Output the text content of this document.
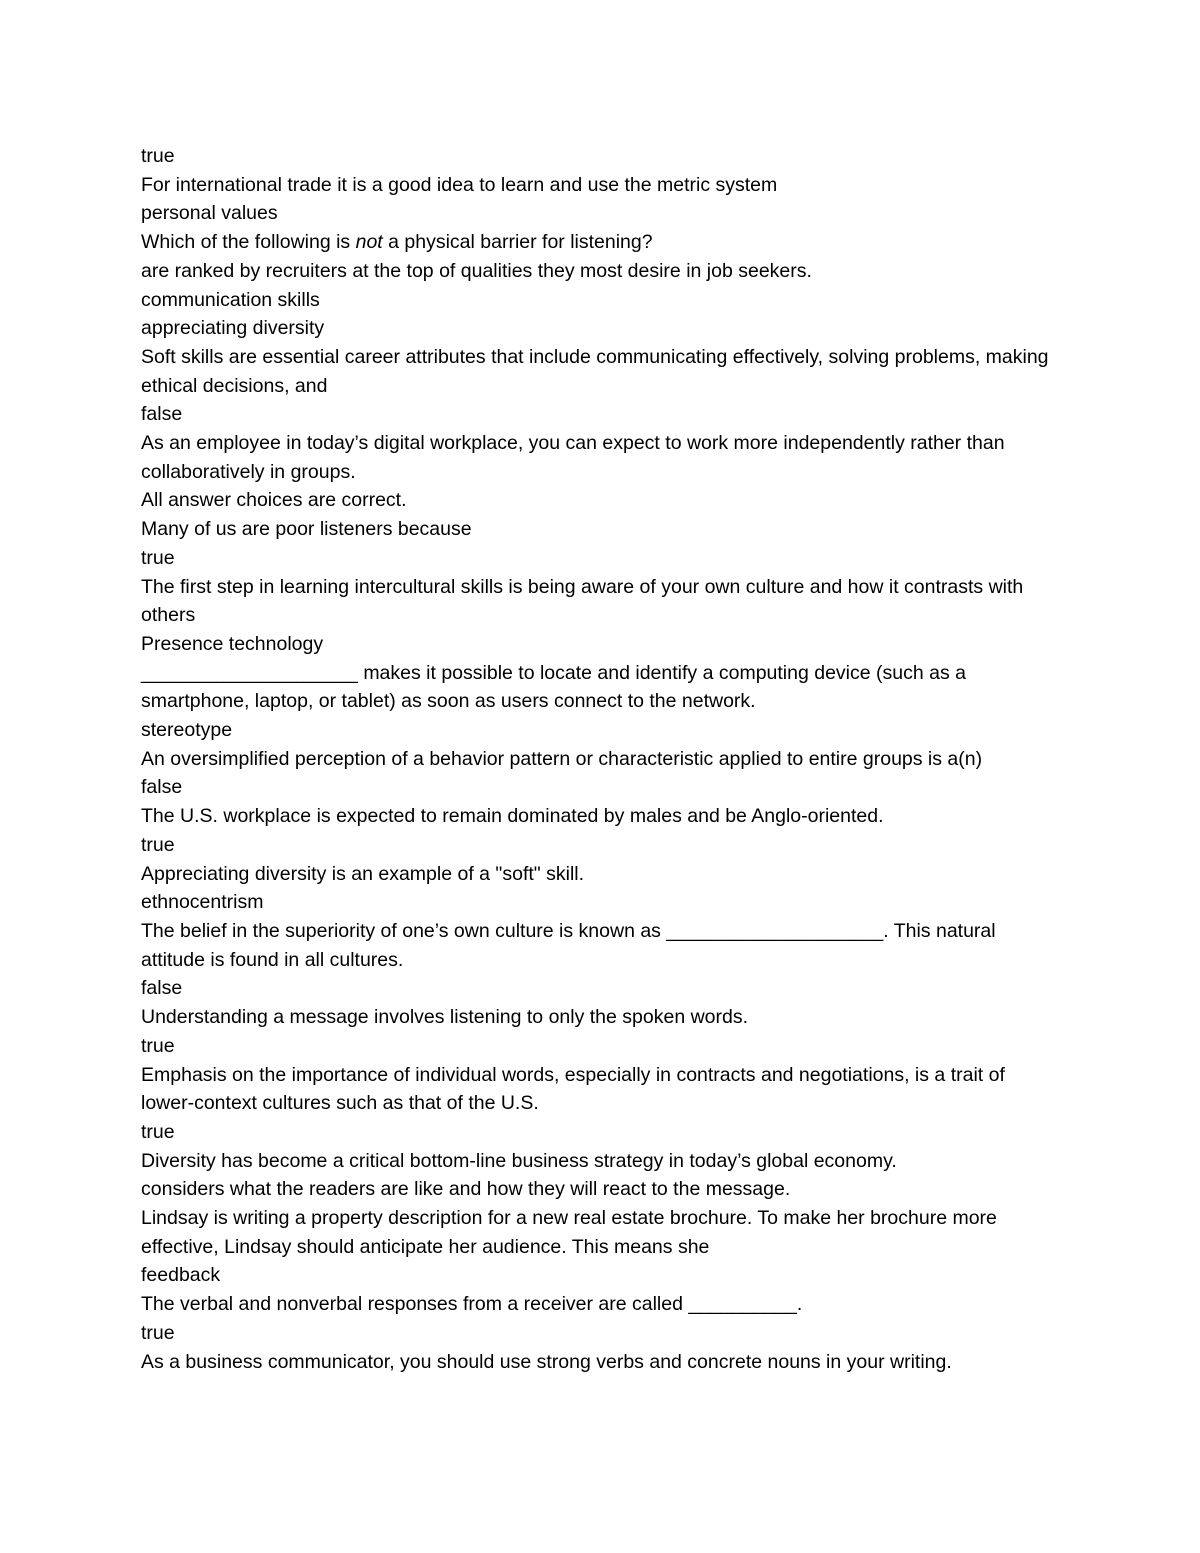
true

For international trade it is a good idea to learn and use the metric system

personal values

Which of the following is not a physical barrier for listening?

are ranked by recruiters at the top of qualities they most desire in job seekers.

communication skills

appreciating diversity

Soft skills are essential career attributes that include communicating effectively, solving problems, making ethical decisions, and

false

As an employee in today’s digital workplace, you can expect to work more independently rather than collaboratively in groups.

All answer choices are correct.

Many of us are poor listeners because

true

The first step in learning intercultural skills is being aware of your own culture and how it contrasts with others

Presence technology

____________________ makes it possible to locate and identify a computing device (such as a smartphone, laptop, or tablet) as soon as users connect to the network.

stereotype

An oversimplified perception of a behavior pattern or characteristic applied to entire groups is a(n)

false

The U.S. workplace is expected to remain dominated by males and be Anglo-oriented.

true

Appreciating diversity is an example of a "soft" skill.

ethnocentrism

The belief in the superiority of one’s own culture is known as ____________________. This natural attitude is found in all cultures.

false

Understanding a message involves listening to only the spoken words.

true

Emphasis on the importance of individual words, especially in contracts and negotiations, is a trait of lower-context cultures such as that of the U.S.

true

Diversity has become a critical bottom-line business strategy in today’s global economy.

considers what the readers are like and how they will react to the message.

Lindsay is writing a property description for a new real estate brochure. To make her brochure more effective, Lindsay should anticipate her audience. This means she

feedback

The verbal and nonverbal responses from a receiver are called __________.

true

As a business communicator, you should use strong verbs and concrete nouns in your writing.
